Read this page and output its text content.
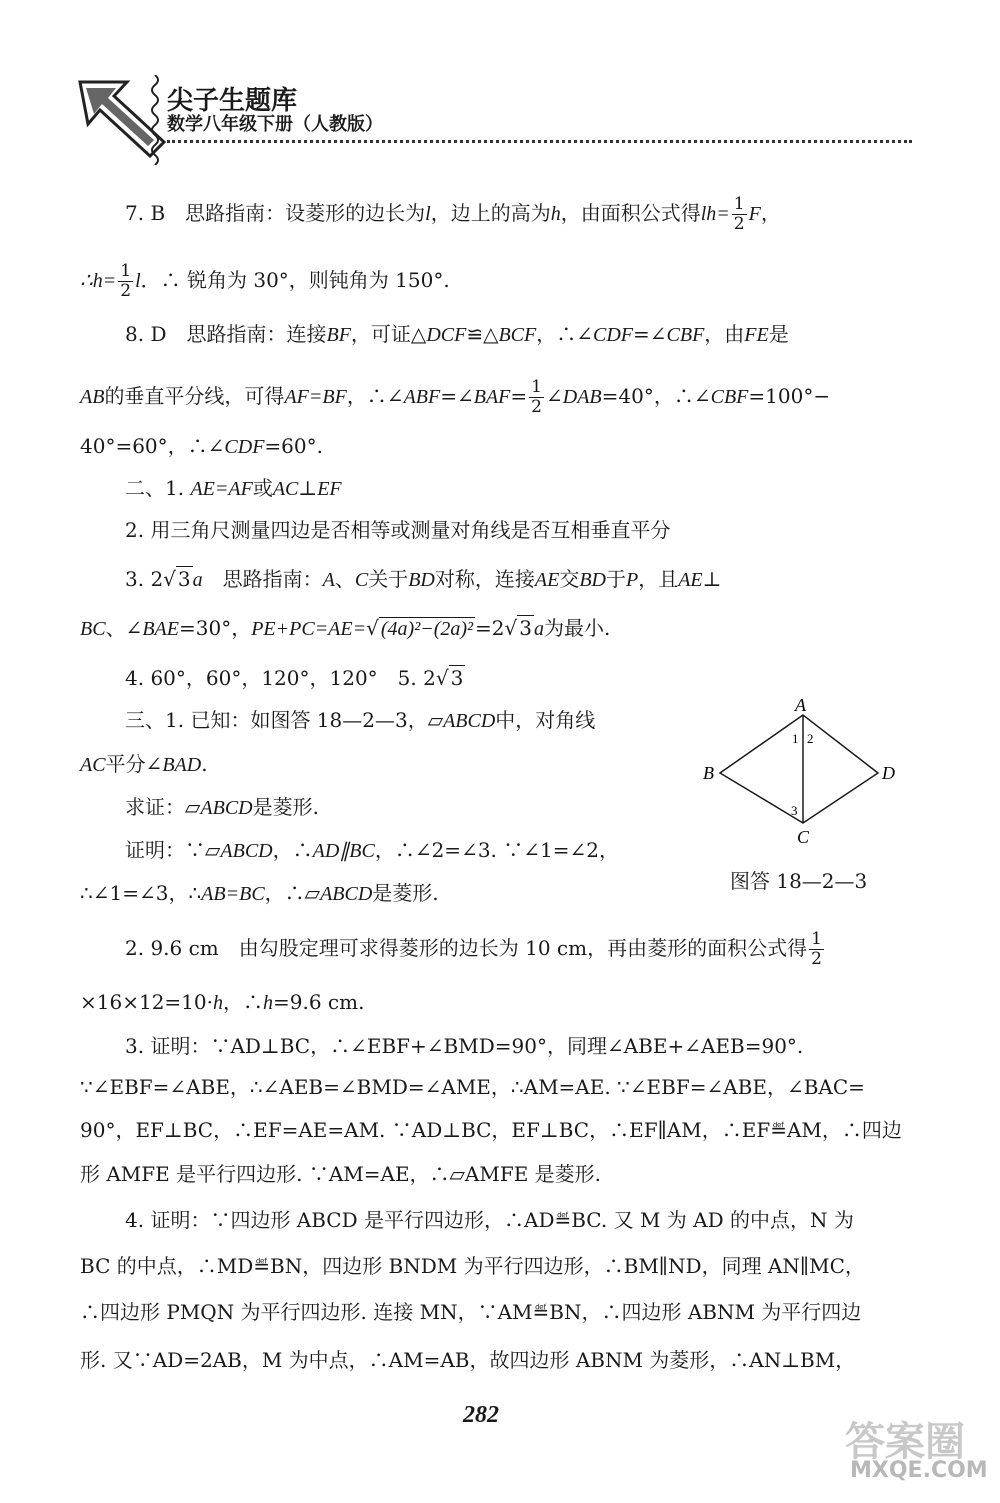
尖子生题库
数学八年级下册（人教版）
7. B　思路指南：设菱形的边长为l，边上的高为h，由面积公式得$lh= \frac{1}{2}$ F，
∴h= $\frac{1}{2}$ l．∴ 锐角为 30°，则钝角为 150°.
8. D　思路指南：连接BF，可证△DCF≌△BCF，∴∠CDF=∠CBF，由FE是
AB的垂直平分线，可得AF=BF，∴∠ABF=∠BAF= $\frac{1}{2}$ ∠DAB=40°，∴∠CBF=100°−
40°=60°，∴∠CDF=60°.
二、1. AE=AF或AC⊥EF
2. 用三角尺测量四边是否相等或测量对角线是否互相垂直平分
3. 2√ 3 a　思路指南：A、C关于BD对称，连接AE交BD于P，且AE⊥
BC、∠BAE=30°，PE+PC=AE=√ (4a)²−(2a)² =2√ 3 a为最小.
4. 60°，60°，120°，120°　5. 2√ 3
三、1. 已知：如图答 18—2—3，▱ABCD中，对角线
AC平分∠BAD.
求证：▱ABCD是菱形.
证明：∵▱ABCD，∴AD∥BC，∴∠2=∠3. ∵∠1=∠2，
∴∠1=∠3，∴AB=BC，∴▱ABCD是菱形.
A
B
C
D
1 2
3
图答 18—2—3
2. 9.6 cm　由勾股定理可求得菱形的边长为 10 cm，再由菱形的面积公式得 $\frac{1}{2}$
×16×12=10·h，∴h=9.6 cm.
3. 证明：∵AD⊥BC，∴∠EBF+∠BMD=90°，同理∠ABE+∠AEB=90°.
∵∠EBF=∠ABE，∴∠AEB=∠BMD=∠AME，∴AM=AE. ∵∠EBF=∠ABE，∠BAC=
90°，EF⊥BC，∴EF=AE=AM. ∵AD⊥BC，EF⊥BC，∴EF∥AM，∴EF≝AM，∴四边
形 AMFE 是平行四边形. ∵AM=AE，∴▱AMFE 是菱形.
4. 证明：∵四边形 ABCD 是平行四边形，∴AD≝BC. 又 M 为 AD 的中点，N 为
BC 的中点，∴MD≝BN，四边形 BNDM 为平行四边形，∴BM∥ND，同理 AN∥MC，
∴四边形 PMQN 为平行四边形. 连接 MN，∵AM≝BN，∴四边形 ABNM 为平行四边
形. 又∵AD=2AB，M 为中点，∴AM=AB，故四边形 ABNM 为菱形，∴AN⊥BM，
282
答案圈
MXQE.COM
